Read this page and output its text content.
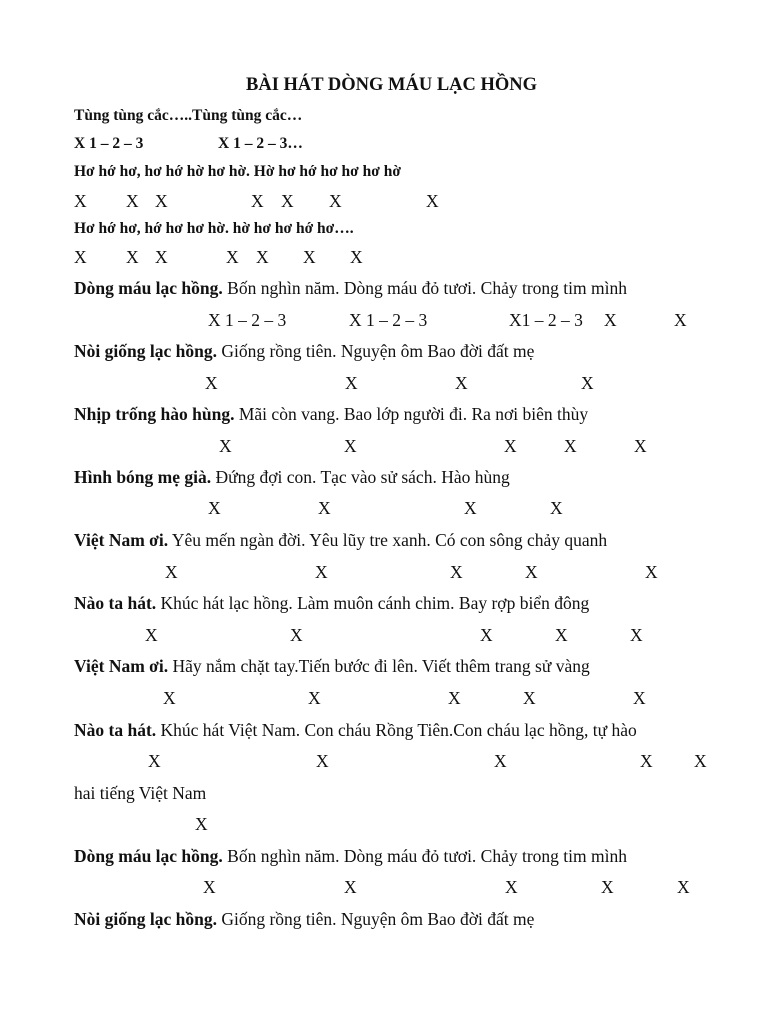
BÀI HÁT DÒNG MÁU LẠC HỒNG
Tùng tùng cắc…..Tùng tùng cắc…
X 1 – 2 – 3	X 1 – 2 – 3…
Hơ hớ hơ, hơ hớ hờ hơ hờ. Hờ hơ hớ hơ hơ hơ hờ
X X X	X X X	X
Hơ hớ hơ, hớ hơ hơ hờ. hờ hơ hơ hớ hơ….
X X X	X X X X
Dòng máu lạc hồng. Bốn nghìn năm. Dòng máu đỏ tươi. Chảy trong tim mình
X 1 – 2 – 3	X 1 – 2 – 3	X1 – 2 – 3 X	X
Nòi giống lạc hồng. Giống rồng tiên. Nguyện ôm Bao đời đất mẹ
X	X	X	X
Nhịp trống hào hùng. Mãi còn vang. Bao lớp người đi. Ra nơi biên thùy
X	X	X	X	X
Hình bóng mẹ già. Đứng đợi con. Tạc vào sử sách. Hào hùng
X	X	X	X
Việt Nam ơi. Yêu mến ngàn đời. Yêu lũy tre xanh. Có con sông chảy quanh
X	X	X	X	X
Nào ta hát. Khúc hát lạc hồng. Làm muôn cánh chim. Bay rợp biển đông
X	X	X	X	X
Việt Nam ơi. Hãy nắm chặt tay.Tiến bước đi lên. Viết thêm trang sử vàng
X	X	X	X	X
Nào ta hát. Khúc hát Việt Nam. Con cháu Rồng Tiên.Con cháu lạc hồng, tự hào
X	X	X	X X
hai tiếng Việt Nam
X
Dòng máu lạc hồng. Bốn nghìn năm. Dòng máu đỏ tươi. Chảy trong tim mình
X	X	X	X	X
Nòi giống lạc hồng. Giống rồng tiên. Nguyện ôm Bao đời đất mẹ
